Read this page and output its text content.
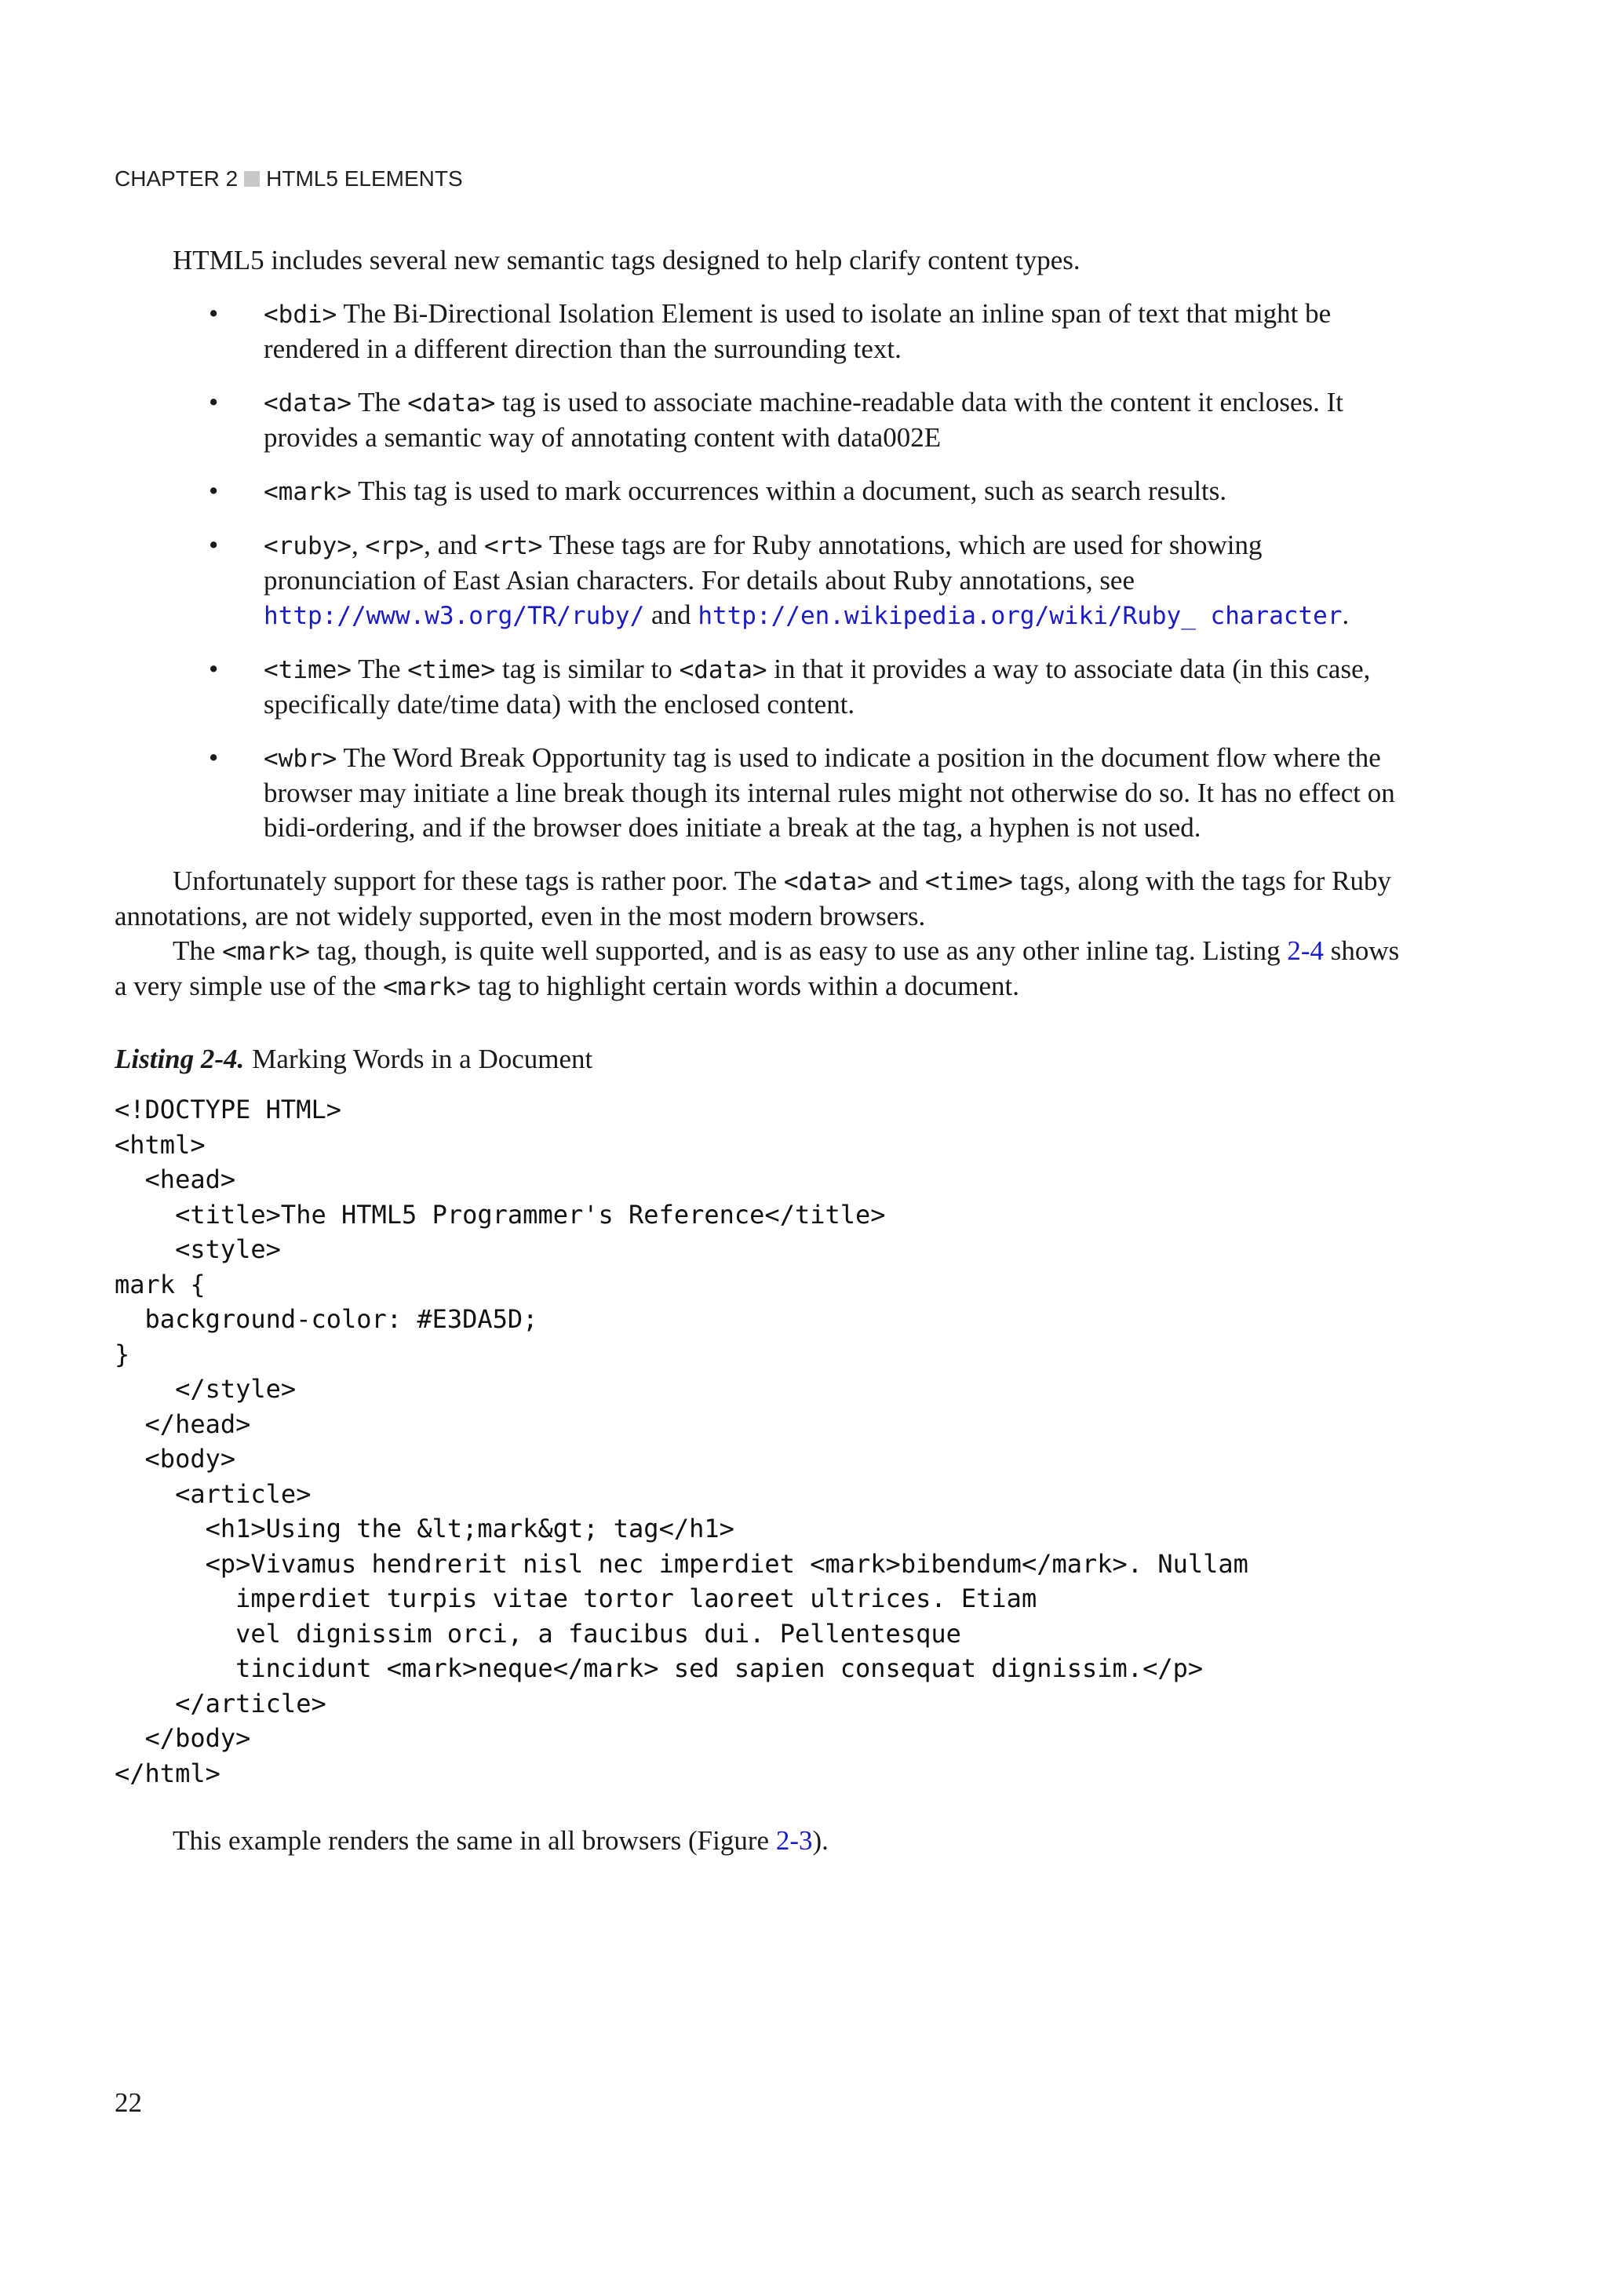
CHAPTER 2 HTML5 ELEMENTS

HTML5 includes several new semantic tags designed to help clarify content types.

• <bdi> The Bi-Directional Isolation Element is used to isolate an inline span of text that might be rendered in a different direction than the surrounding text.
• <data> The <data> tag is used to associate machine-readable data with the content it encloses. It provides a semantic way of annotating content with data002E
• <mark> This tag is used to mark occurrences within a document, such as search results.
• <ruby>, <rp>, and <rt> These tags are for Ruby annotations, which are used for showing pronunciation of East Asian characters. For details about Ruby annotations, see http://www.w3.org/TR/ruby/ and http://en.wikipedia.org/wiki/Ruby_ character.
• <time> The <time> tag is similar to <data> in that it provides a way to associate data (in this case, specifically date/time data) with the enclosed content.
• <wbr> The Word Break Opportunity tag is used to indicate a position in the document flow where the browser may initiate a line break though its internal rules might not otherwise do so. It has no effect on bidi-ordering, and if the browser does initiate a break at the tag, a hyphen is not used.

Unfortunately support for these tags is rather poor. The <data> and <time> tags, along with the tags for Ruby annotations, are not widely supported, even in the most modern browsers.

The <mark> tag, though, is quite well supported, and is as easy to use as any other inline tag. Listing 2-4 shows a very simple use of the <mark> tag to highlight certain words within a document.

Listing 2-4. Marking Words in a Document

<!DOCTYPE HTML>
<html>
<head>
<title>The HTML5 Programmer's Reference</title>
<style>
mark {
background-color: #E3DA5D;
}
</style>
</head>
<body>
<article>
<h1>Using the &lt;mark&gt; tag</h1>
<p>Vivamus hendrerit nisl nec imperdiet <mark>bibendum</mark>. Nullam
imperdiet turpis vitae tortor laoreet ultrices. Etiam
vel dignissim orci, a faucibus dui. Pellentesque
tincidunt <mark>neque</mark> sed sapien consequat dignissim.</p>
</article>
</body>
</html>

This example renders the same in all browsers (Figure 2-3).

22
